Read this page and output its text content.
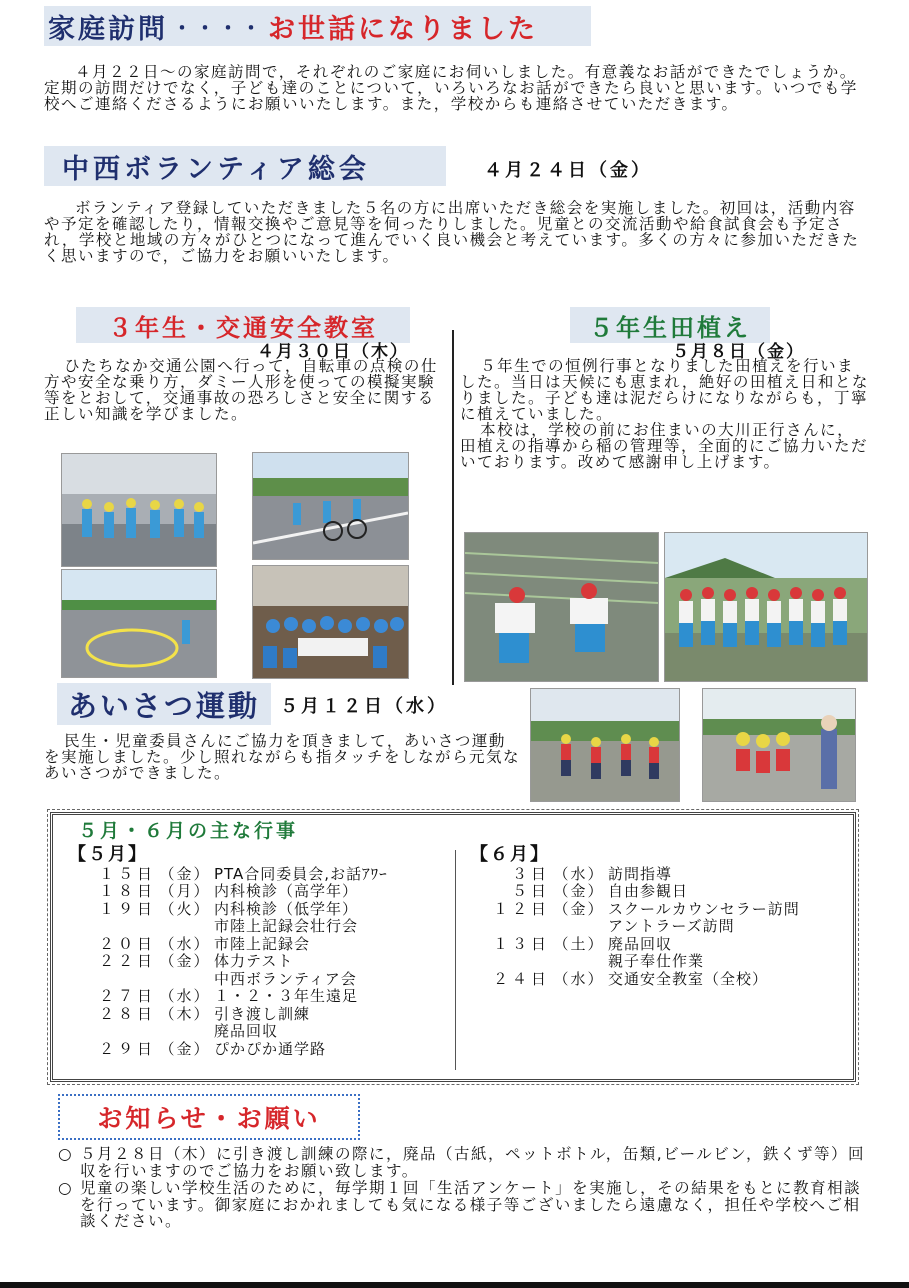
家庭訪問 ・・・・ お世話になりました

４月２２日～の家庭訪問で，それぞれのご家庭にお伺いしました。有意義なお話ができたでしょうか。定期の訪問だけでなく，子ども達のことについて，いろいろなお話ができたら良いと思います。いつでも学校へご連絡くださるようにお願いいたします。また，学校からも連絡させていただきます。

中西ボランティア総会	４月２４日（金）

ボランティア登録していただきました５名の方に出席いただき総会を実施しました。初回は，活動内容や予定を確認したり，情報交換やご意見等を伺ったりしました。児童との交流活動や給食試食会も予定され，学校と地域の方々がひとつになって進んでいく良い機会と考えています。多くの方々に参加いただきたく思いますので，ご協力をお願いいたします。

３年生・交通安全教室
４月３０日（木）

ひたちなか交通公園へ行って，自転車の点検の仕方や安全な乗り方，ダミー人形を使っての模擬実験等をとおして，交通事故の恐ろしさと安全に関する正しい知識を学びました。

５年生田植え
５月８日（金）

５年生での恒例行事となりました田植えを行いました。当日は天候にも恵まれ，絶好の田植え日和となりました。子ども達は泥だらけになりながらも，丁寧に植えていました。

本校は，学校の前にお住まいの大川正行さんに，田植えの指導から稲の管理等，全面的にご協力いただいております。改めて感謝申し上げます。

あいさつ運動 ５月１２日（水）

民生・児童委員さんにご協力を頂きまして，あいさつ運動を実施しました。少し照れながらも指タッチをしながら元気なあいさつができました。

５月・６月の主な行事
【５月】
１５日 （金） PTA合同委員会,お話ｱﾜｰ
１８日 （月） 内科検診（高学年）
１９日 （火） 内科検診（低学年）
市陸上記録会壮行会
２０日 （水） 市陸上記録会
２２日 （金） 体力テスト
中西ボランティア会
２７日 （水） １・２・３年生遠足
２８日 （木） 引き渡し訓練
廃品回収
２９日 （金） ぴかぴか通学路
【６月】
３日 （水） 訪問指導
５日 （金） 自由参観日
１２日 （金） スクールカウンセラー訪問
アントラーズ訪問
１３日 （土） 廃品回収
親子奉仕作業
２４日 （水） 交通安全教室（全校）
お知らせ・お願い
○ ５月２８日（木）に引き渡し訓練の際に，廃品（古紙，ペットボトル，缶類,ビールビン，鉄くず等）回収を行いますのでご協力をお願い致します。
○ 児童の楽しい学校生活のために，毎学期１回「生活アンケート」を実施し，その結果をもとに教育相談を行っています。御家庭におかれましても気になる様子等ございましたら遠慮なく，担任や学校へご相談ください。
